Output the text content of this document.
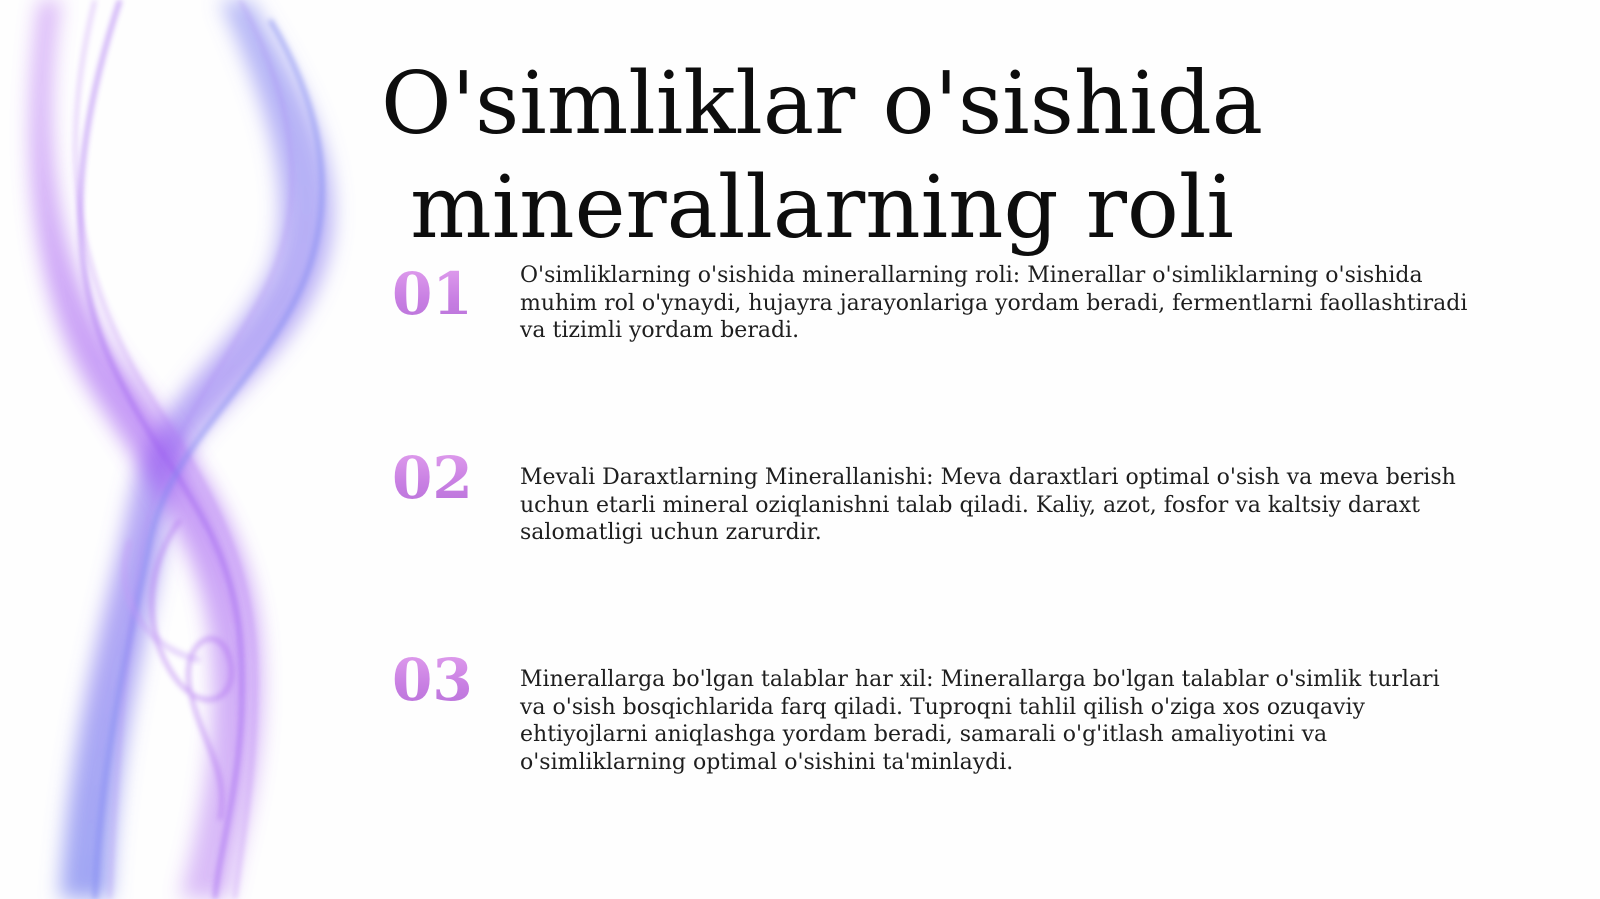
O'simliklar o'sishida
minerallarning roli
01 O'simliklarning o'sishida minerallarning roli: Minerallar o'simliklarning o'sishida muhim rol o'ynaydi, hujayra jarayonlariga yordam beradi, fermentlarni faollashtiradi va tizimli yordam beradi.

02 Mevali Daraxtlarning Minerallanishi: Meva daraxtlari optimal o'sish va meva berish uchun etarli mineral oziqlanishni talab qiladi. Kaliy, azot, fosfor va kaltsiy daraxt salomatligi uchun zarurdir.

03 Minerallarga bo'lgan talablar har xil: Minerallarga bo'lgan talablar o'simlik turlari va o'sish bosqichlarida farq qiladi. Tuproqni tahlil qilish o'ziga xos ozuqaviy ehtiyojlarni aniqlashga yordam beradi, samarali o'g'itlash amaliyotini va o'simliklarning optimal o'sishini ta'minlaydi.
